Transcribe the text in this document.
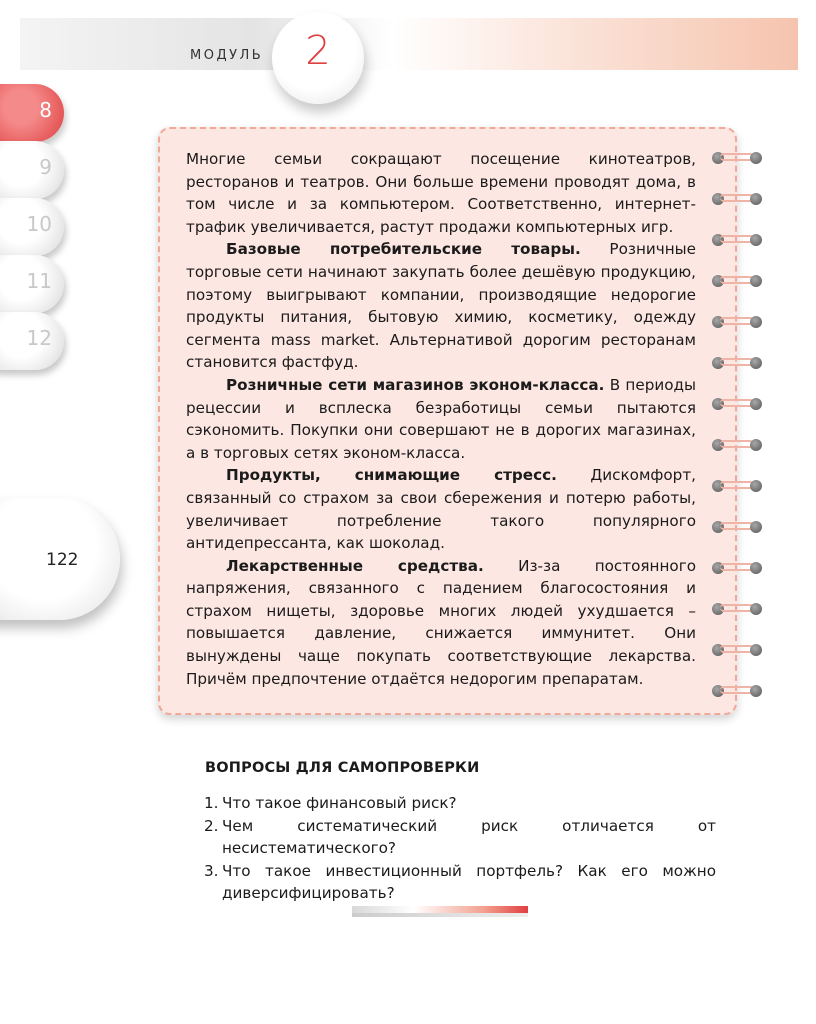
МОДУЛЬ	2
8
9
10
11
12
122

Многие семьи сокращают посещение кинотеатров, ресторанов и театров. Они больше времени проводят дома, в том числе и за компьютером. Соответственно, интернет-трафик увеличивается, растут продажи компьютерных игр.

Базовые потребительские товары. Розничные торговые сети начинают закупать более дешёвую продукцию, поэтому выигрывают компании, производящие недорогие продукты питания, бытовую химию, косметику, одежду сегмента mass market. Альтернативой дорогим ресторанам становится фастфуд.

Розничные сети магазинов эконом-класса. В периоды рецессии и всплеска безработицы семьи пытаются сэкономить. Покупки они совершают не в дорогих магазинах, а в торговых сетях эконом-класса.

Продукты, снимающие стресс. Дискомфорт, связанный со страхом за свои сбережения и потерю работы, увеличивает потребление такого популярного антидепрессанта, как шоколад.

Лекарственные средства. Из-за постоянного напряжения, связанного с падением благосостояния и страхом нищеты, здоровье многих людей ухудшается – повышается давление, снижается иммунитет. Они вынуждены чаще покупать соответствующие лекарства. Причём предпочтение отдаётся недорогим препаратам.

ВОПРОСЫ ДЛЯ САМОПРОВЕРКИ
1. Что такое финансовый риск?
2. Чем систематический риск отличается от несистематического?
3. Что такое инвестиционный портфель? Как его можно диверсифицировать?
